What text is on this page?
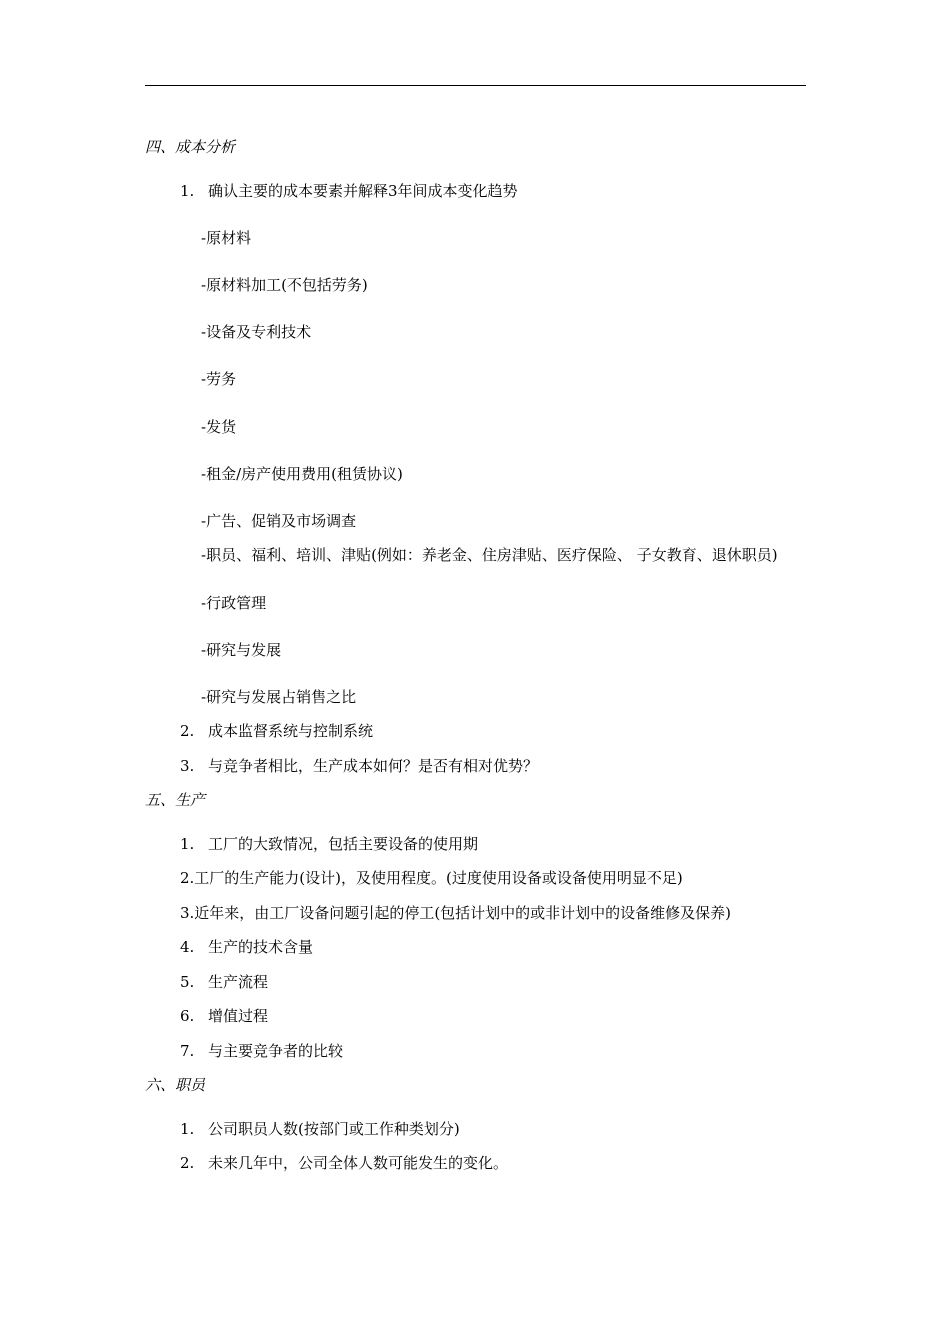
四、成本分析
1. 确认主要的成本要素并解释3年间成本变化趋势
-原材料
-原材料加工(不包括劳务)
-设备及专利技术
-劳务
-发货
-租金/房产使用费用(租赁协议)
-广告、促销及市场调查
-职员、福利、培训、津贴(例如：养老金、住房津贴、医疗保险、 子女教育、退休职员)
-行政管理
-研究与发展
-研究与发展占销售之比
2. 成本监督系统与控制系统
3. 与竞争者相比，生产成本如何？是否有相对优势？
五、生产
1. 工厂的大致情况，包括主要设备的使用期
2.工厂的生产能力(设计)，及使用程度。(过度使用设备或设备使用明显不足)
3.近年来，由工厂设备问题引起的停工(包括计划中的或非计划中的设备维修及保养)
4. 生产的技术含量
5. 生产流程
6. 增值过程
7. 与主要竞争者的比较
六、职员
1. 公司职员人数(按部门或工作种类划分)
2. 未来几年中，公司全体人数可能发生的变化。
